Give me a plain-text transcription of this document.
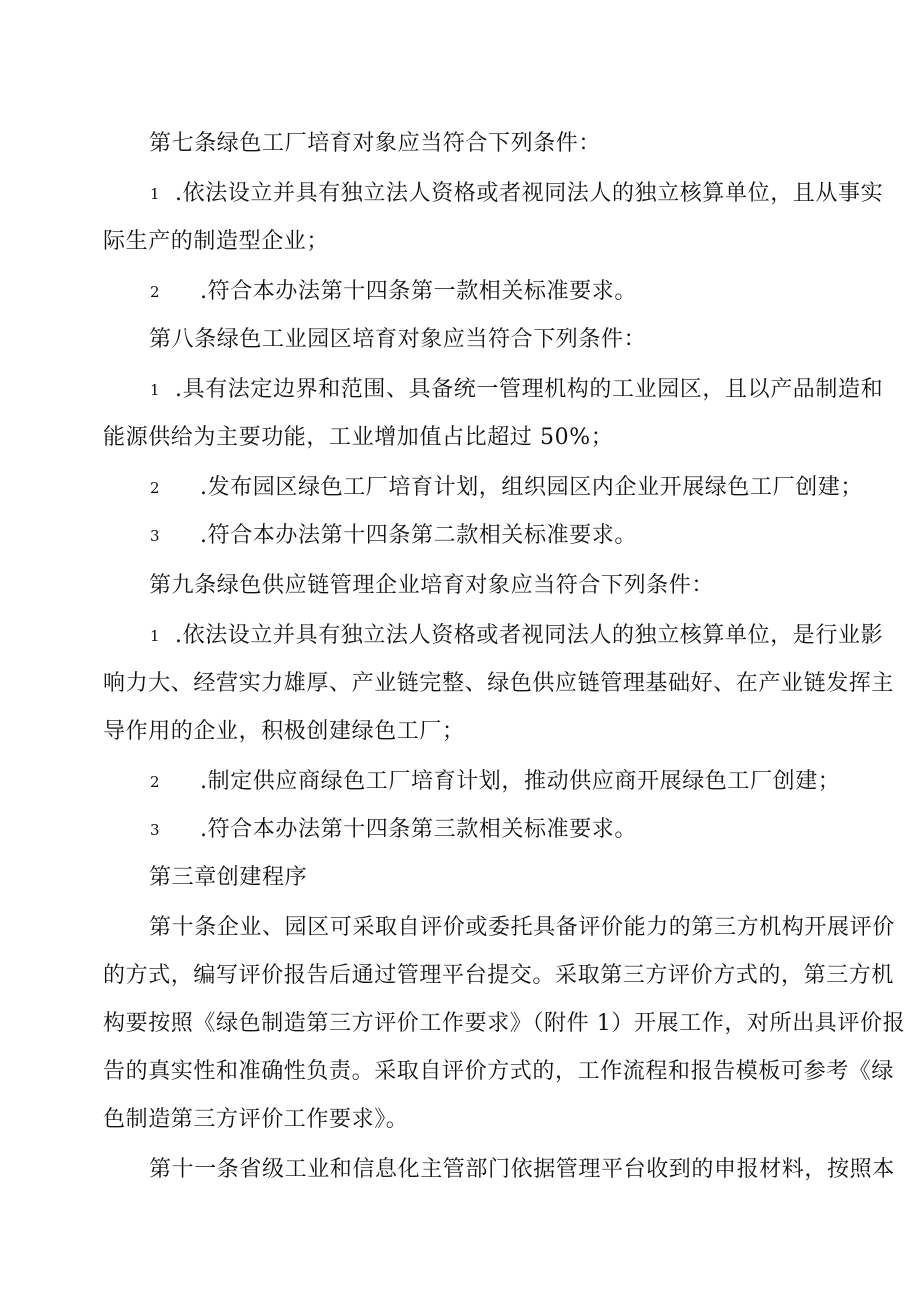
第七条绿色工厂培育对象应当符合下列条件：
1 .依法设立并具有独立法人资格或者视同法人的独立核算单位，且从事实
际生产的制造型企业；
2 .符合本办法第十四条第一款相关标准要求。
第八条绿色工业园区培育对象应当符合下列条件：
1 .具有法定边界和范围、具备统一管理机构的工业园区，且以产品制造和
能源供给为主要功能，工业增加值占比超过 50%；
2 .发布园区绿色工厂培育计划，组织园区内企业开展绿色工厂创建；
3 .符合本办法第十四条第二款相关标准要求。
第九条绿色供应链管理企业培育对象应当符合下列条件：
1 .依法设立并具有独立法人资格或者视同法人的独立核算单位，是行业影
响力大、经营实力雄厚、产业链完整、绿色供应链管理基础好、在产业链发挥主
导作用的企业，积极创建绿色工厂；
2 .制定供应商绿色工厂培育计划，推动供应商开展绿色工厂创建；
3 .符合本办法第十四条第三款相关标准要求。
第三章创建程序
第十条企业、园区可采取自评价或委托具备评价能力的第三方机构开展评价
的方式，编写评价报告后通过管理平台提交。采取第三方评价方式的，第三方机
构要按照《绿色制造第三方评价工作要求》（附件 1）开展工作，对所出具评价报
告的真实性和准确性负责。采取自评价方式的，工作流程和报告模板可参考《绿
色制造第三方评价工作要求》。
第十一条省级工业和信息化主管部门依据管理平台收到的申报材料，按照本
